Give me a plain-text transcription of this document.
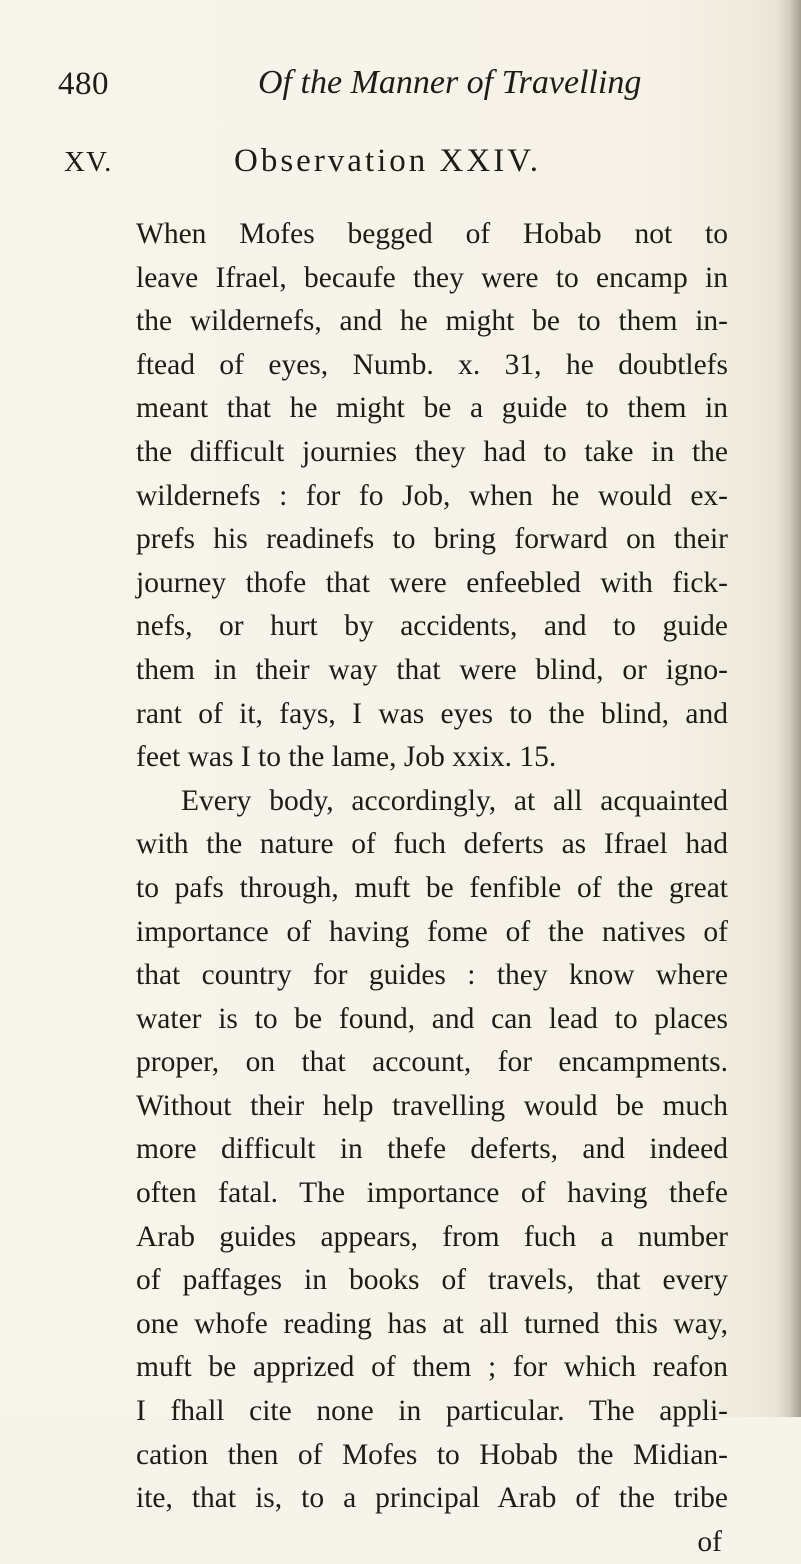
480	Of the Manner of Travelling
XV.	Observation XXIV.
When Mofes begged of Hobab not to
leave Ifrael, becaufe they were to encamp in
the wildernefs, and he might be to them in-
ftead of eyes, Numb. x. 31, he doubtlefs
meant that he might be a guide to them in
the difficult journies they had to take in the
wildernefs : for fo Job, when he would ex-
prefs his readinefs to bring forward on their
journey thofe that were enfeebled with fick-
nefs, or hurt by accidents, and to guide
them in their way that were blind, or igno-
rant of it, fays, I was eyes to the blind, and
feet was I to the lame, Job xxix. 15.
Every body, accordingly, at all acquainted
with the nature of fuch deferts as Ifrael had
to pafs through, muft be fenfible of the great
importance of having fome of the natives of
that country for guides : they know where
water is to be found, and can lead to places
proper, on that account, for encampments.
Without their help travelling would be much
more difficult in thefe deferts, and indeed
often fatal. The importance of having thefe
Arab guides appears, from fuch a number
of paffages in books of travels, that every
one whofe reading has at all turned this way,
muft be apprized of them ; for which reafon
I fhall cite none in particular. The appli-
cation then of Mofes to Hobab the Midian-
ite, that is, to a principal Arab of the tribe
of
